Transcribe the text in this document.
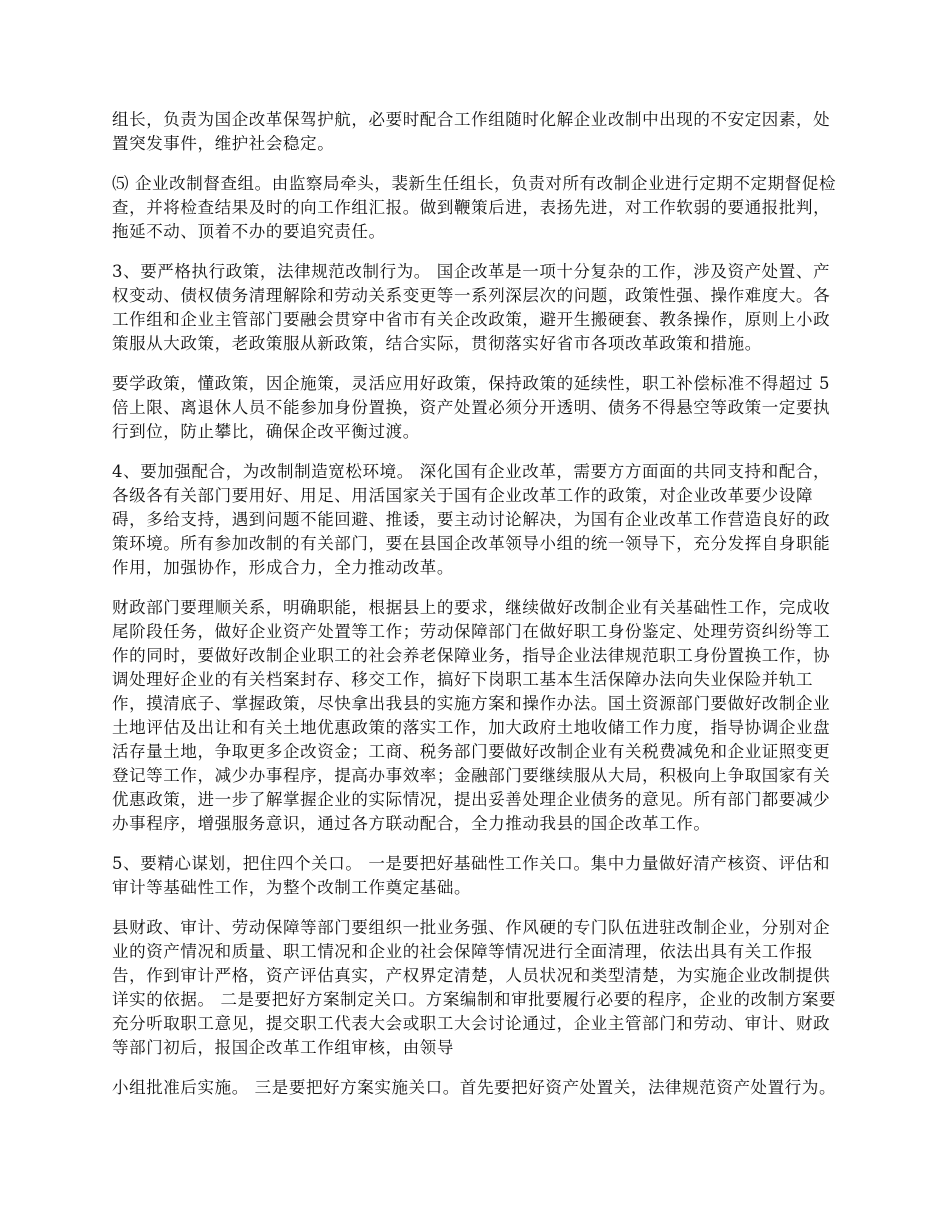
组长，负责为国企改革保驾护航，必要时配合工作组随时化解企业改制中出现的不安定因素，处置突发事件，维护社会稳定。

⑸ 企业改制督查组。由监察局牵头，裴新生任组长，负责对所有改制企业进行定期不定期督促检查，并将检查结果及时的向工作组汇报。做到鞭策后进，表扬先进，对工作软弱的要通报批判，拖延不动、顶着不办的要追究责任。

3、要严格执行政策，法律规范改制行为。 国企改革是一项十分复杂的工作，涉及资产处置、产权变动、债权债务清理解除和劳动关系变更等一系列深层次的问题，政策性强、操作难度大。各工作组和企业主管部门要融会贯穿中省市有关企改政策，避开生搬硬套、教条操作，原则上小政策服从大政策，老政策服从新政策，结合实际，贯彻落实好省市各项改革政策和措施。

要学政策，懂政策，因企施策，灵活应用好政策，保持政策的延续性，职工补偿标准不得超过 5 倍上限、离退休人员不能参加身份置换，资产处置必须分开透明、债务不得悬空等政策一定要执行到位，防止攀比，确保企改平衡过渡。

4、要加强配合，为改制制造宽松环境。 深化国有企业改革，需要方方面面的共同支持和配合，各级各有关部门要用好、用足、用活国家关于国有企业改革工作的政策，对企业改革要少设障碍，多给支持，遇到问题不能回避、推诿，要主动讨论解决，为国有企业改革工作营造良好的政策环境。所有参加改制的有关部门，要在县国企改革领导小组的统一领导下，充分发挥自身职能作用，加强协作，形成合力，全力推动改革。

财政部门要理顺关系，明确职能，根据县上的要求，继续做好改制企业有关基础性工作，完成收尾阶段任务，做好企业资产处置等工作；劳动保障部门在做好职工身份鉴定、处理劳资纠纷等工作的同时，要做好改制企业职工的社会养老保障业务，指导企业法律规范职工身份置换工作，协调处理好企业的有关档案封存、移交工作，搞好下岗职工基本生活保障办法向失业保险并轨工作，摸清底子、掌握政策，尽快拿出我县的实施方案和操作办法。国土资源部门要做好改制企业土地评估及出让和有关土地优惠政策的落实工作，加大政府土地收储工作力度，指导协调企业盘活存量土地，争取更多企改资金；工商、税务部门要做好改制企业有关税费减免和企业证照变更登记等工作，减少办事程序，提高办事效率；金融部门要继续服从大局，积极向上争取国家有关优惠政策，进一步了解掌握企业的实际情况，提出妥善处理企业债务的意见。所有部门都要减少办事程序，增强服务意识，通过各方联动配合，全力推动我县的国企改革工作。

5、要精心谋划，把住四个关口。 一是要把好基础性工作关口。集中力量做好清产核资、评估和审计等基础性工作，为整个改制工作奠定基础。

县财政、审计、劳动保障等部门要组织一批业务强、作风硬的专门队伍进驻改制企业，分别对企业的资产情况和质量、职工情况和企业的社会保障等情况进行全面清理，依法出具有关工作报告，作到审计严格，资产评估真实，产权界定清楚，人员状况和类型清楚，为实施企业改制提供详实的依据。 二是要把好方案制定关口。方案编制和审批要履行必要的程序，企业的改制方案要充分听取职工意见，提交职工代表大会或职工大会讨论通过，企业主管部门和劳动、审计、财政等部门初后，报国企改革工作组审核，由领导

小组批准后实施。 三是要把好方案实施关口。首先要把好资产处置关，法律规范资产处置行为。
